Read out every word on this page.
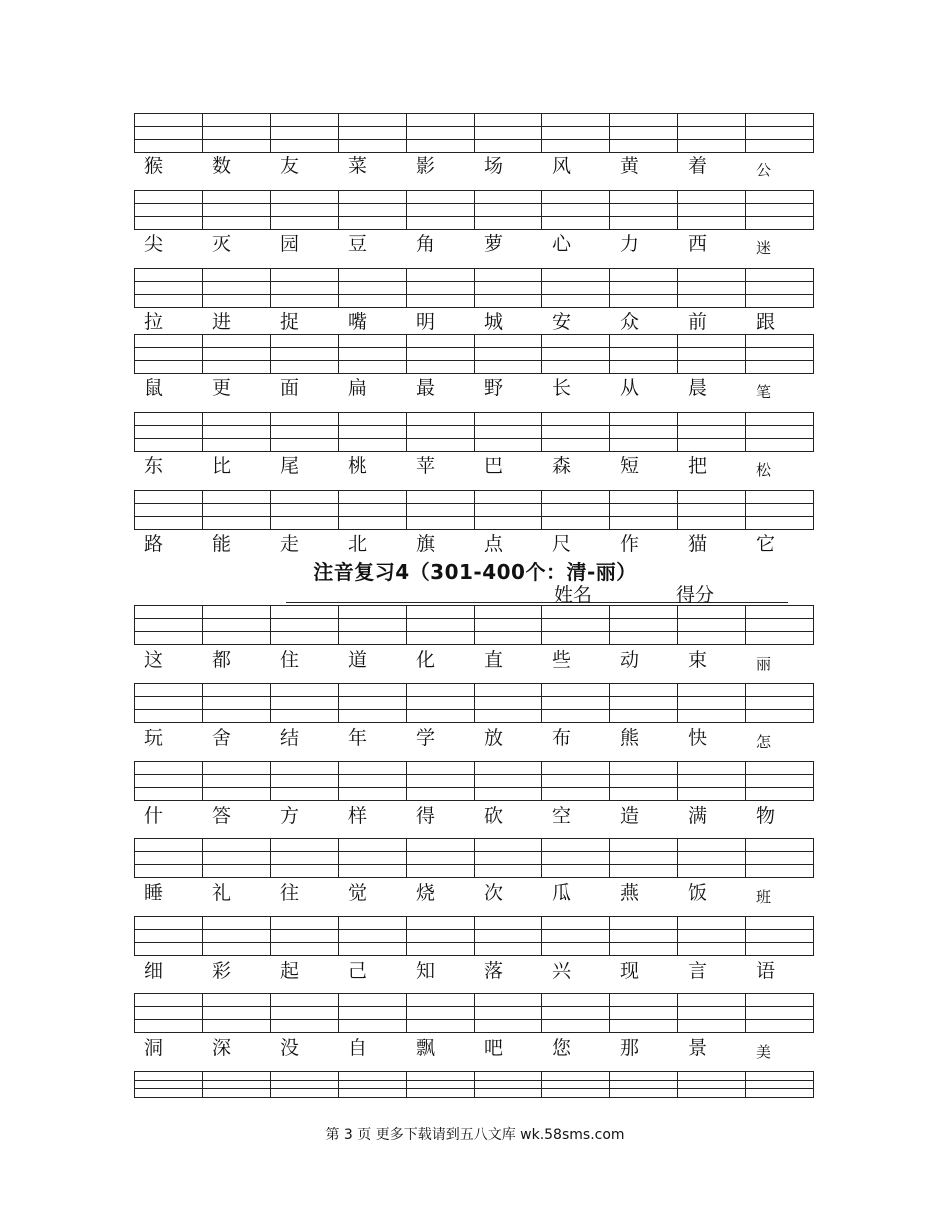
猴	数	友	菜	影	场	风	黄	着	公
尖	灭	园	豆	角	萝	心	力	西	迷
拉	进	捉	嘴	明	城	安	众	前	跟
鼠	更	面	扁	最	野	长	从	晨	笔
东	比	尾	桃	苹	巴	森	短	把	松
路	能	走	北	旗	点	尺	作	猫	它
这	都	住	道	化	直	些	动	束	丽
玩	舍	结	年	学	放	布	熊	快	怎
什	答	方	样	得	砍	空	造	满	物
睡	礼	往	觉	烧	次	瓜	燕	饭	班
细	彩	起	己	知	落	兴	现	言	语
洞	深	没	自	飘	吧	您	那	景	美
注音复习4（301-400个：清-丽）
姓名	得分
第 3 页 更多下载请到五八文库 wk.58sms.com
